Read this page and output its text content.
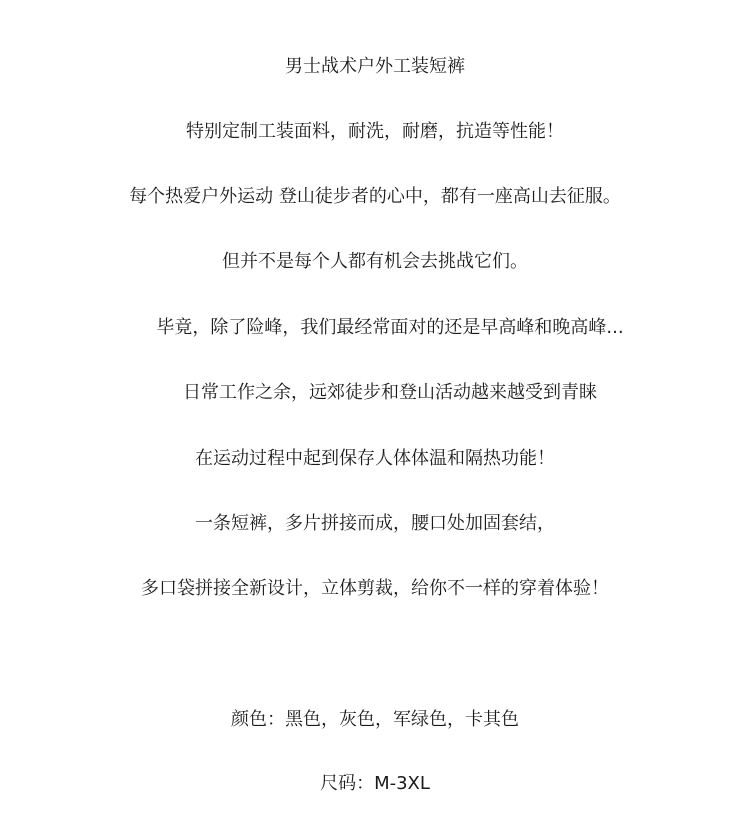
男士战术户外工装短裤
特别定制工装面料，耐洗，耐磨，抗造等性能！
每个热爱户外运动 登山徒步者的心中，都有一座高山去征服。
但并不是每个人都有机会去挑战它们。
毕竟，除了险峰，我们最经常面对的还是早高峰和晚高峰...
日常工作之余，远郊徒步和登山活动越来越受到青睐
在运动过程中起到保存人体体温和隔热功能！
一条短裤，多片拼接而成，腰口处加固套结，
多口袋拼接全新设计，立体剪裁，给你不一样的穿着体验！
颜色：黑色，灰色，军绿色，卡其色
尺码：M-3XL
